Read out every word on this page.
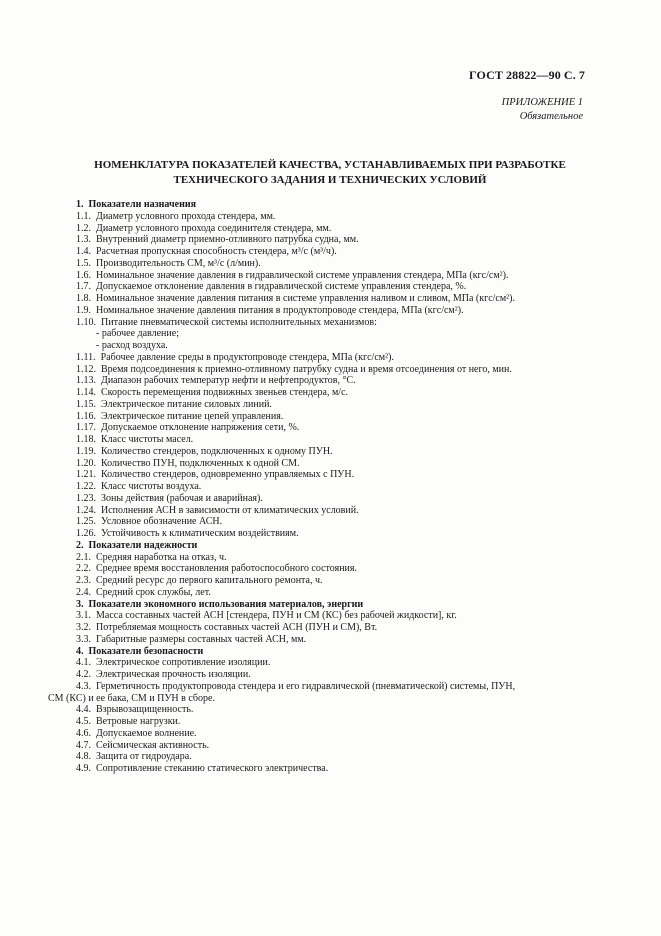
ГОСТ 28822—90 С. 7
ПРИЛОЖЕНИЕ 1
Обязательное
НОМЕНКЛАТУРА ПОКАЗАТЕЛЕЙ КАЧЕСТВА, УСТАНАВЛИВАЕМЫХ ПРИ РАЗРАБОТКЕ
ТЕХНИЧЕСКОГО ЗАДАНИЯ И ТЕХНИЧЕСКИХ УСЛОВИЙ
1. Показатели назначения
1.1. Диаметр условного прохода стендера, мм.
1.2. Диаметр условного прохода соединителя стендера, мм.
1.3. Внутренний диаметр приемно-отливного патрубка судна, мм.
1.4. Расчетная пропускная способность стендера, м³/с (м³/ч).
1.5. Производительность СМ, м³/с (л/мин).
1.6. Номинальное значение давления в гидравлической системе управления стендера, МПа (кгс/см²).
1.7. Допускаемое отклонение давления в гидравлической системе управления стендера, %.
1.8. Номинальное значение давления питания в системе управления наливом и сливом, МПа (кгс/см²).
1.9. Номинальное значение давления питания в продуктопроводе стендера, МПа (кгс/см²).
1.10. Питание пневматической системы исполнительных механизмов:
- рабочее давление;
- расход воздуха.
1.11. Рабочее давление среды в продуктопроводе стендера, МПа (кгс/см²).
1.12. Время подсоединения к приемно-отливному патрубку судна и время отсоединения от него, мин.
1.13. Диапазон рабочих температур нефти и нефтепродуктов, °С.
1.14. Скорость перемещения подвижных звеньев стендера, м/с.
1.15. Электрическое питание силовых линий.
1.16. Электрическое питание цепей управления.
1.17. Допускаемое отклонение напряжения сети, %.
1.18. Класс чистоты масел.
1.19. Количество стендеров, подключенных к одному ПУН.
1.20. Количество ПУН, подключенных к одной СМ.
1.21. Количество стендеров, одновременно управляемых с ПУН.
1.22. Класс чистоты воздуха.
1.23. Зоны действия (рабочая и аварийная).
1.24. Исполнения АСН в зависимости от климатических условий.
1.25. Условное обозначение АСН.
1.26. Устойчивость к климатическим воздействиям.
2. Показатели надежности
2.1. Средняя наработка на отказ, ч.
2.2. Среднее время восстановления работоспособного состояния.
2.3. Средний ресурс до первого капитального ремонта, ч.
2.4. Средний срок службы, лет.
3. Показатели экономного использования материалов, энергии
3.1. Масса составных частей АСН [стендера, ПУН и СМ (КС) без рабочей жидкости], кг.
3.2. Потребляемая мощность составных частей АСН (ПУН и СМ), Вт.
3.3. Габаритные размеры составных частей АСН, мм.
4. Показатели безопасности
4.1. Электрическое сопротивление изоляции.
4.2. Электрическая прочность изоляции.
4.3. Герметичность продуктопровода стендера и его гидравлической (пневматической) системы, ПУН,
СМ (КС) и ее бака, СМ и ПУН в сборе.
4.4. Взрывозащищенность.
4.5. Ветровые нагрузки.
4.6. Допускаемое волнение.
4.7. Сейсмическая активность.
4.8. Защита от гидроудара.
4.9. Сопротивление стеканию статического электричества.
